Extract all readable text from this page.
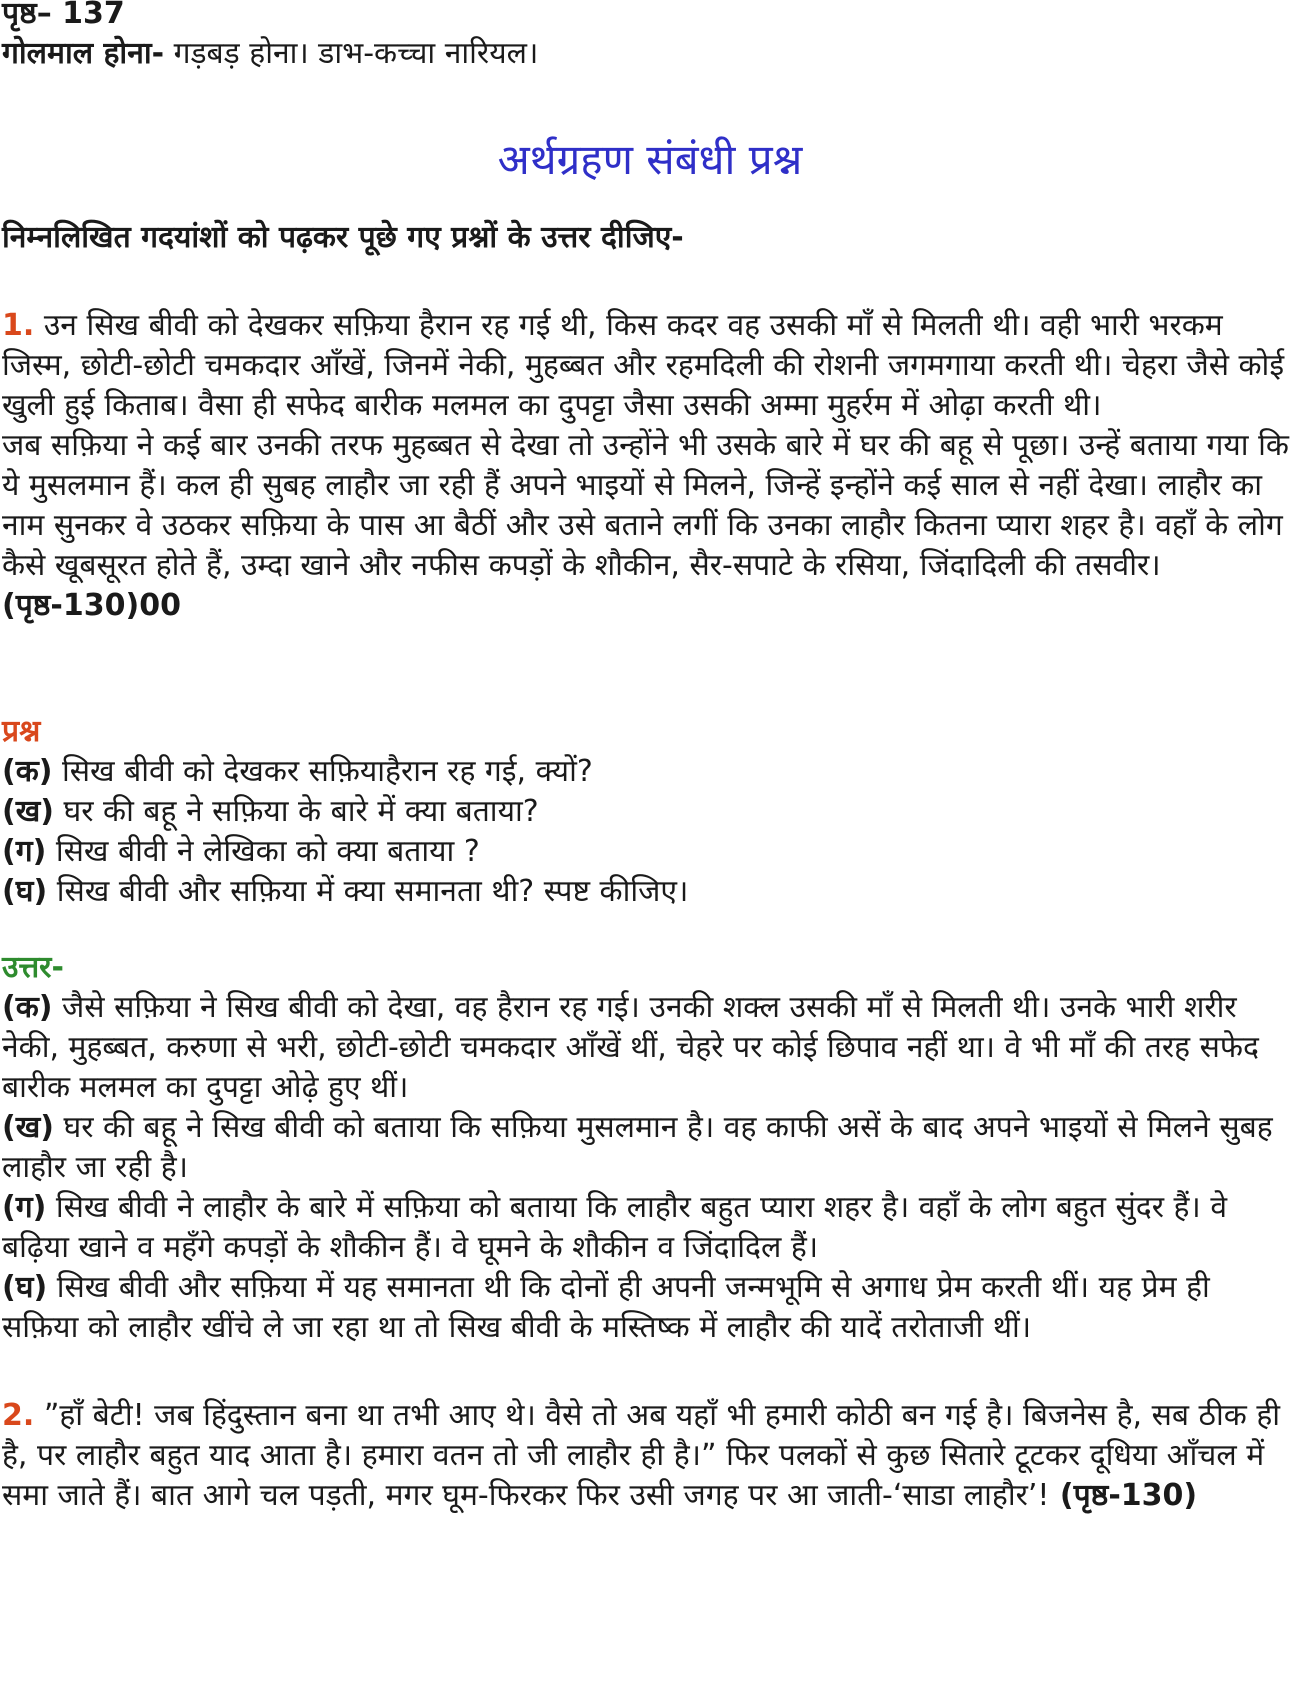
पृष्ठ– 137
गोलमाल होना- गड़बड़ होना। डाभ-कच्चा नारियल।
अर्थग्रहण संबंधी प्रश्न
निम्नलिखित गदयांशों को पढ़कर पूछे गए प्रश्नों के उत्तर दीजिए-
1. उन सिख बीवी को देखकर सफ़िया हैरान रह गई थी, किस कदर वह उसकी माँ से मिलती थी। वही भारी भरकम जिस्म, छोटी-छोटी चमकदार आँखें, जिनमें नेकी, मुहब्बत और रहमदिली की रोशनी जगमगाया करती थी। चेहरा जैसे कोई खुली हुई किताब। वैसा ही सफेद बारीक मलमल का दुपट्टा जैसा उसकी अम्मा मुहर्रम में ओढ़ा करती थी।
जब सफ़िया ने कई बार उनकी तरफ मुहब्बत से देखा तो उन्होंने भी उसके बारे में घर की बहू से पूछा। उन्हें बताया गया कि ये मुसलमान हैं। कल ही सुबह लाहौर जा रही हैं अपने भाइयों से मिलने, जिन्हें इन्होंने कई साल से नहीं देखा। लाहौर का नाम सुनकर वे उठकर सफ़िया के पास आ बैठीं और उसे बताने लगीं कि उनका लाहौर कितना प्यारा शहर है। वहाँ के लोग कैसे खूबसूरत होते हैं, उम्दा खाने और नफीस कपड़ों के शौकीन, सैर-सपाटे के रसिया, जिंदादिली की तसवीर। (पृष्ठ-130)00
प्रश्न
(क) सिख बीवी को देखकर सफ़ियाहैरान रह गई, क्यों?
(ख) घर की बहू ने सफ़िया के बारे में क्या बताया?
(ग) सिख बीवी ने लेखिका को क्या बताया ?
(घ) सिख बीवी और सफ़िया में क्या समानता थी? स्पष्ट कीजिए।
उत्तर-
(क) जैसे सफ़िया ने सिख बीवी को देखा, वह हैरान रह गई। उनकी शक्ल उसकी माँ से मिलती थी। उनके भारी शरीर नेकी, मुहब्बत, करुणा से भरी, छोटी-छोटी चमकदार आँखें थीं, चेहरे पर कोई छिपाव नहीं था। वे भी माँ की तरह सफेद बारीक मलमल का दुपट्टा ओढ़े हुए थीं।
(ख) घर की बहू ने सिख बीवी को बताया कि सफ़िया मुसलमान है। वह काफी असें के बाद अपने भाइयों से मिलने सुबह लाहौर जा रही है।
(ग) सिख बीवी ने लाहौर के बारे में सफ़िया को बताया कि लाहौर बहुत प्यारा शहर है। वहाँ के लोग बहुत सुंदर हैं। वे बढ़िया खाने व महँगे कपड़ों के शौकीन हैं। वे घूमने के शौकीन व जिंदादिल हैं।
(घ) सिख बीवी और सफ़िया में यह समानता थी कि दोनों ही अपनी जन्मभूमि से अगाध प्रेम करती थीं। यह प्रेम ही सफ़िया को लाहौर खींचे ले जा रहा था तो सिख बीवी के मस्तिष्क में लाहौर की यादें तरोताजी थीं।
2. ”हाँ बेटी! जब हिंदुस्तान बना था तभी आए थे। वैसे तो अब यहाँ भी हमारी कोठी बन गई है। बिजनेस है, सब ठीक ही है, पर लाहौर बहुत याद आता है। हमारा वतन तो जी लाहौर ही है।” फिर पलकों से कुछ सितारे टूटकर दूधिया आँचल में समा जाते हैं। बात आगे चल पड़ती, मगर घूम-फिरकर फिर उसी जगह पर आ जाती-‘साडा लाहौर’! (पृष्ठ-130)
